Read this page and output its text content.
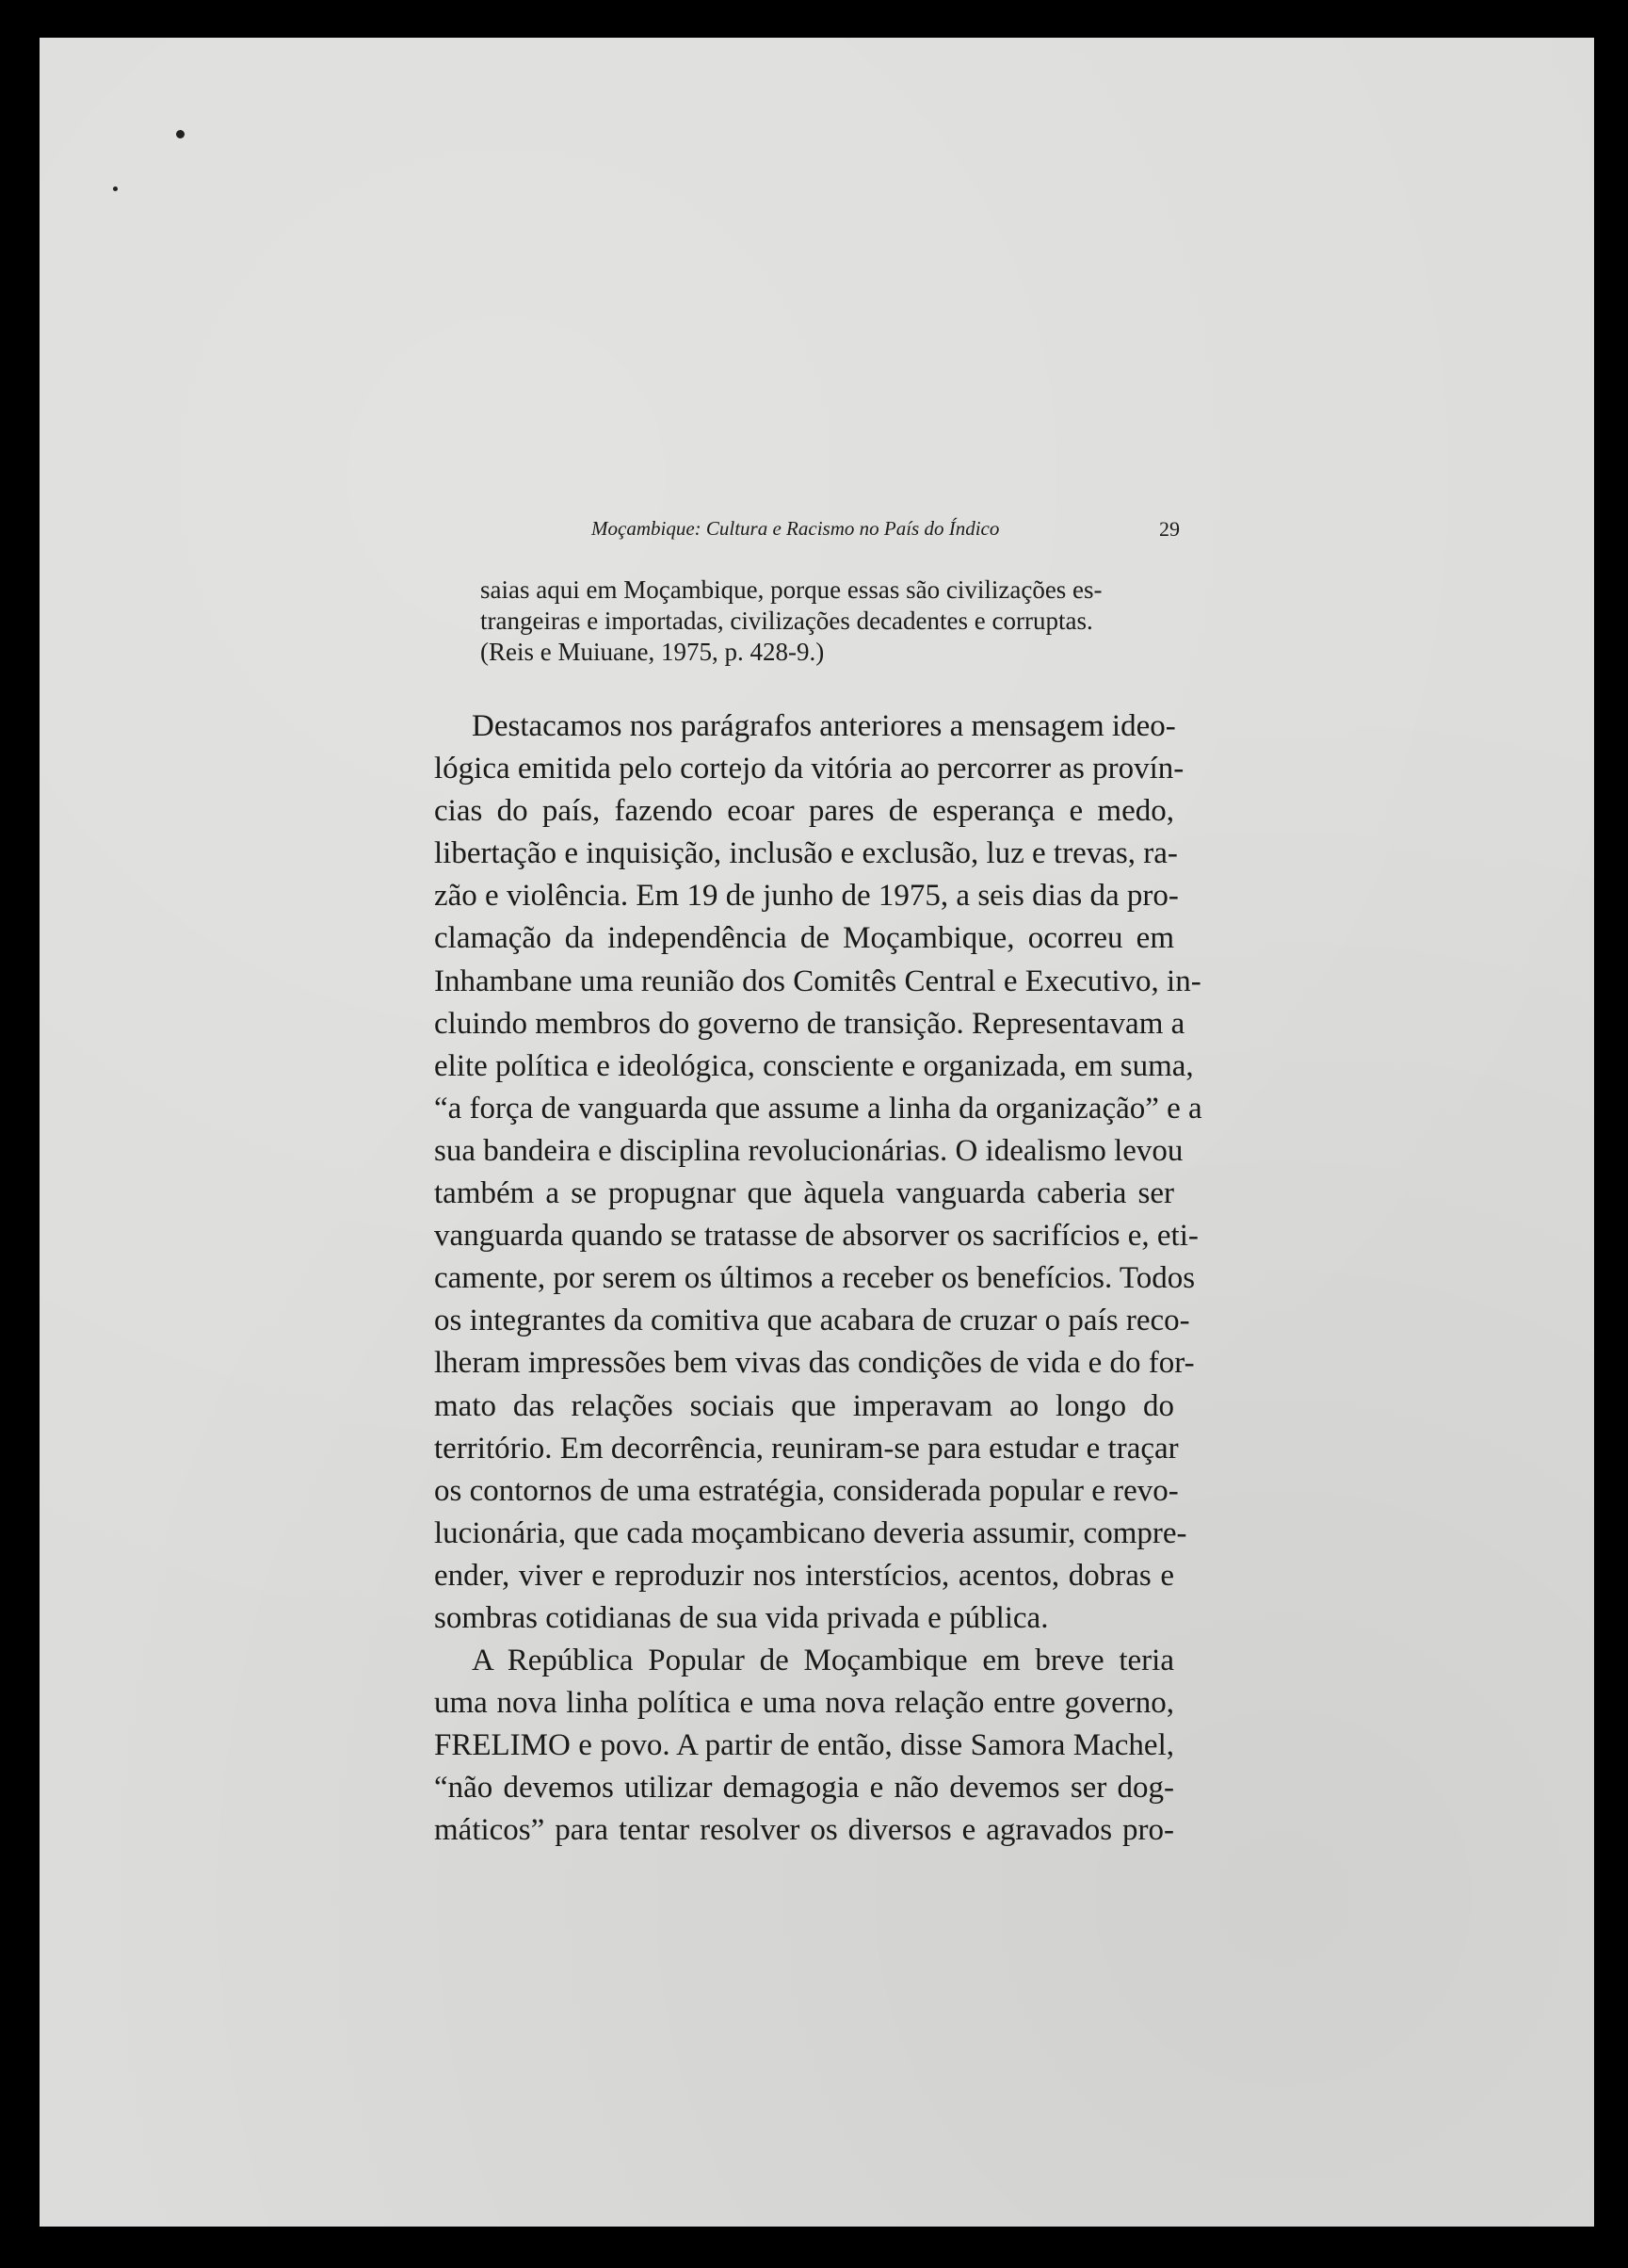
Moçambique: Cultura e Racismo no País do Índico	29
saias aqui em Moçambique, porque essas são civilizações es-
trangeiras e importadas, civilizações decadentes e corruptas.
(Reis e Muiuane, 1975, p. 428-9.)
Destacamos nos parágrafos anteriores a mensagem ideo-
lógica emitida pelo cortejo da vitória ao percorrer as provín-
cias do país, fazendo ecoar pares de esperança e medo,
libertação e inquisição, inclusão e exclusão, luz e trevas, ra-
zão e violência. Em 19 de junho de 1975, a seis dias da pro-
clamação da independência de Moçambique, ocorreu em
Inhambane uma reunião dos Comitês Central e Executivo, in-
cluindo membros do governo de transição. Representavam a
elite política e ideológica, consciente e organizada, em suma,
“a força de vanguarda que assume a linha da organização” e a
sua bandeira e disciplina revolucionárias. O idealismo levou
também a se propugnar que àquela vanguarda caberia ser
vanguarda quando se tratasse de absorver os sacrifícios e, eti-
camente, por serem os últimos a receber os benefícios. Todos
os integrantes da comitiva que acabara de cruzar o país reco-
lheram impressões bem vivas das condições de vida e do for-
mato das relações sociais que imperavam ao longo do
território. Em decorrência, reuniram-se para estudar e traçar
os contornos de uma estratégia, considerada popular e revo-
lucionária, que cada moçambicano deveria assumir, compre-
ender, viver e reproduzir nos interstícios, acentos, dobras e
sombras cotidianas de sua vida privada e pública.
A República Popular de Moçambique em breve teria
uma nova linha política e uma nova relação entre governo,
FRELIMO e povo. A partir de então, disse Samora Machel,
“não devemos utilizar demagogia e não devemos ser dog-
máticos” para tentar resolver os diversos e agravados pro-
